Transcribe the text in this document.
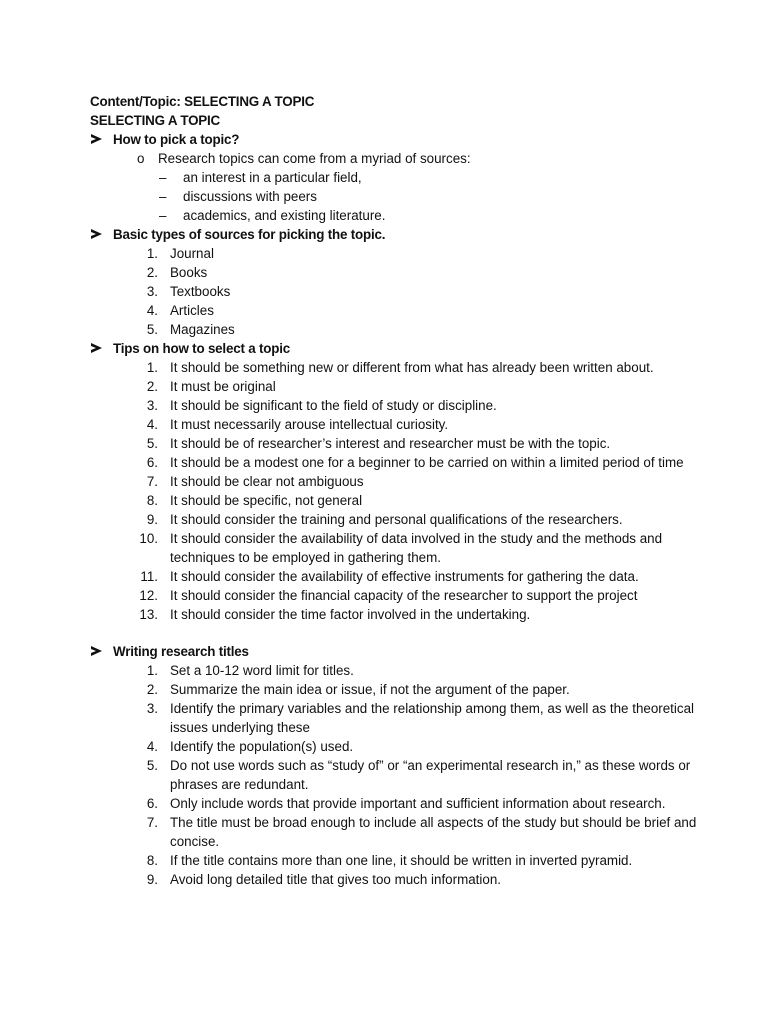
Content/Topic: SELECTING A TOPIC
SELECTING A TOPIC
How to pick a topic?
o	Research topics can come from a myriad of sources:
–	an interest in a particular field,
–	discussions with peers
–	academics, and existing literature.
Basic types of sources for picking the topic.
1. Journal
2. Books
3. Textbooks
4. Articles
5. Magazines
Tips on how to select a topic
1. It should be something new or different from what has already been written about.
2. It must be original
3. It should be significant to the field of study or discipline.
4. It must necessarily arouse intellectual curiosity.
5. It should be of researcher’s interest and researcher must be with the topic.
6. It should be a modest one for a beginner to be carried on within a limited period of time
7. It should be clear not ambiguous
8. It should be specific, not general
9. It should consider the training and personal qualifications of the researchers.
10. It should consider the availability of data involved in the study and the methods and techniques to be employed in gathering them.
11. It should consider the availability of effective instruments for gathering the data.
12. It should consider the financial capacity of the researcher to support the project
13. It should consider the time factor involved in the undertaking.
Writing research titles
1. Set a 10-12 word limit for titles.
2. Summarize the main idea or issue, if not the argument of the paper.
3. Identify the primary variables and the relationship among them, as well as the theoretical issues underlying these
4. Identify the population(s) used.
5. Do not use words such as “study of” or “an experimental research in,” as these words or phrases are redundant.
6. Only include words that provide important and sufficient information about research.
7. The title must be broad enough to include all aspects of the study but should be brief and concise.
8. If the title contains more than one line, it should be written in inverted pyramid.
9. Avoid long detailed title that gives too much information.
